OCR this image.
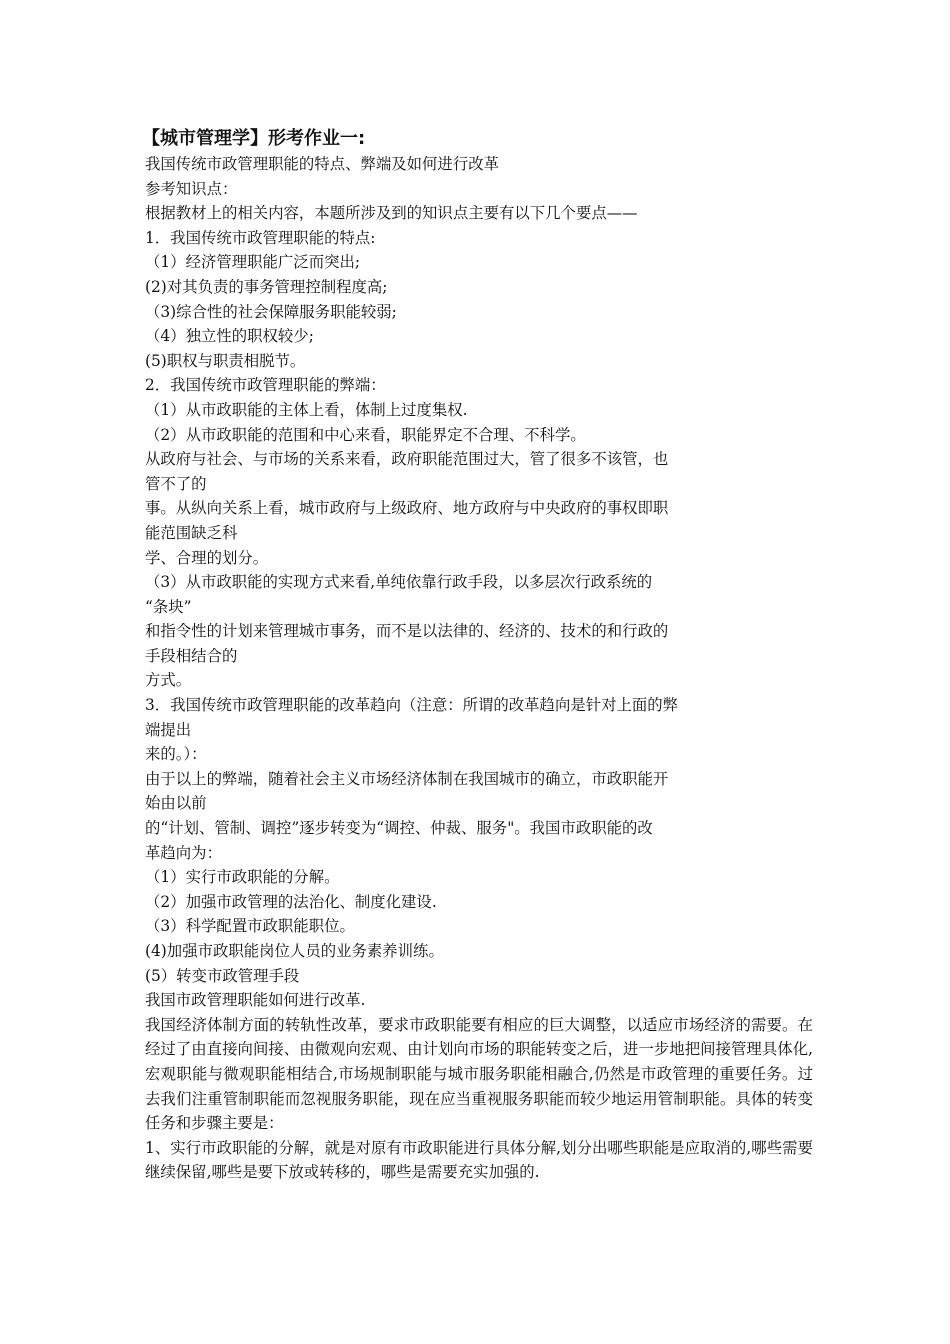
【城市管理学】形考作业一:
我国传统市政管理职能的特点、弊端及如何进行改革
参考知识点：
根据教材上的相关内容，本题所涉及到的知识点主要有以下几个要点——
1．我国传统市政管理职能的特点:
（1）经济管理职能广泛而突出;
(2)对其负责的事务管理控制程度高;
（3)综合性的社会保障服务职能较弱;
（4）独立性的职权较少;
(5)职权与职责相脱节。
2．我国传统市政管理职能的弊端：
（1）从市政职能的主体上看，体制上过度集权.
（2）从市政职能的范围和中心来看，职能界定不合理、不科学。
从政府与社会、与市场的关系来看，政府职能范围过大，管了很多不该管，也
管不了的
事。从纵向关系上看，城市政府与上级政府、地方政府与中央政府的事权即职
能范围缺乏科
学、合理的划分。
（3）从市政职能的实现方式来看,单纯依靠行政手段，以多层次行政系统的
“条块”
和指令性的计划来管理城市事务，而不是以法律的、经济的、技术的和行政的
手段相结合的
方式。
3．我国传统市政管理职能的改革趋向（注意：所谓的改革趋向是针对上面的弊
端提出
来的。）：
由于以上的弊端，随着社会主义市场经济体制在我国城市的确立，市政职能开
始由以前
的“计划、管制、调控”逐步转变为“调控、仲裁、服务"。我国市政职能的改
革趋向为：
（1）实行市政职能的分解。
（2）加强市政管理的法治化、制度化建设.
（3）科学配置市政职能职位。
(4)加强市政职能岗位人员的业务素养训练。
(5）转变市政管理手段
我国市政管理职能如何进行改革.
我国经济体制方面的转轨性改革，要求市政职能要有相应的巨大调整，以适应市场经济的需要。在经过了由直接向间接、由微观向宏观、由计划向市场的职能转变之后，进一步地把间接管理具体化,宏观职能与微观职能相结合,市场规制职能与城市服务职能相融合,仍然是市政管理的重要任务。过去我们注重管制职能而忽视服务职能，现在应当重视服务职能而较少地运用管制职能。具体的转变任务和步骤主要是：
1、实行市政职能的分解，就是对原有市政职能进行具体分解,划分出哪些职能是应取消的,哪些需要继续保留,哪些是要下放或转移的，哪些是需要充实加强的.
